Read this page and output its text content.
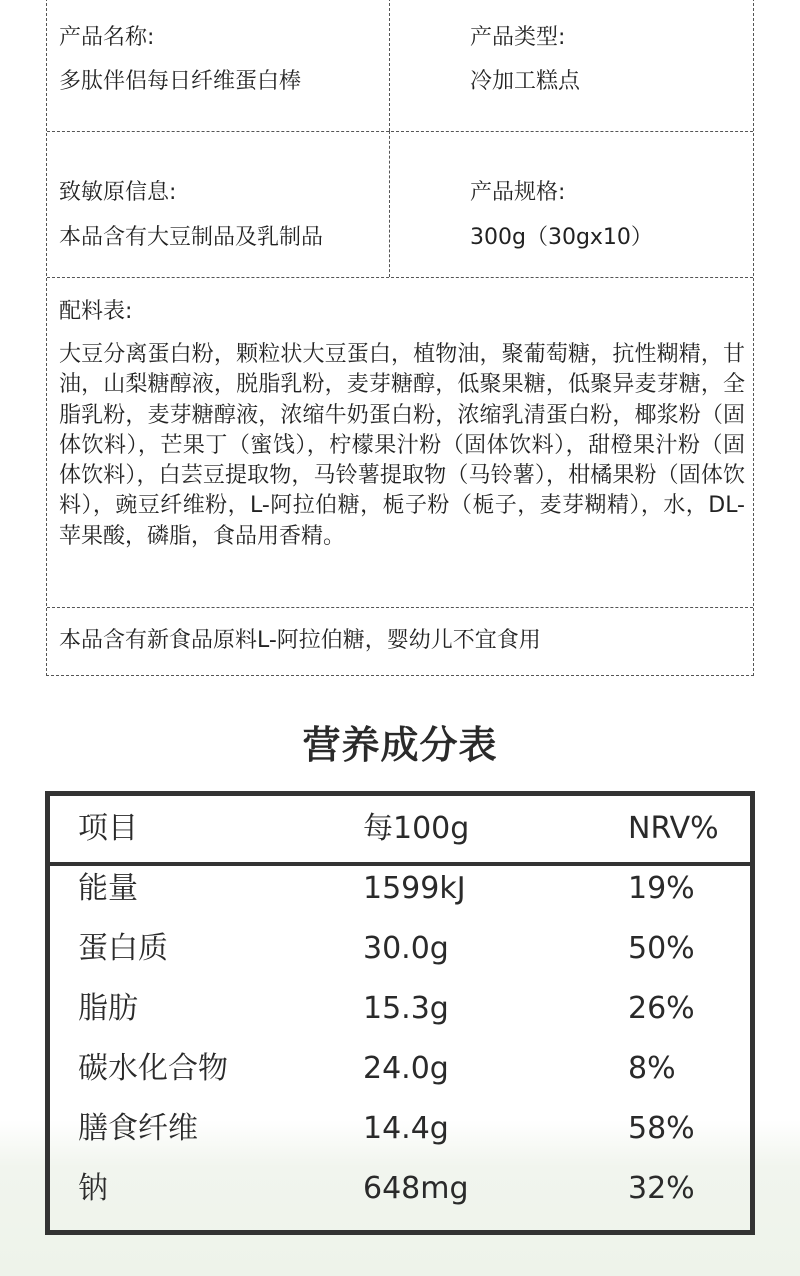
产品名称:
多肽伴侣每日纤维蛋白棒
产品类型:
冷加工糕点
致敏原信息:
本品含有大豆制品及乳制品
产品规格:
300g（30gx10）
配料表:
大豆分离蛋白粉，颗粒状大豆蛋白，植物油，聚葡萄糖，抗性糊精，甘油，山梨糖醇液，脱脂乳粉，麦芽糖醇，低聚果糖，低聚异麦芽糖，全脂乳粉，麦芽糖醇液，浓缩牛奶蛋白粉，浓缩乳清蛋白粉，椰浆粉（固体饮料），芒果丁（蜜饯），柠檬果汁粉（固体饮料），甜橙果汁粉（固体饮料），白芸豆提取物，马铃薯提取物（马铃薯），柑橘果粉（固体饮料），豌豆纤维粉，L-阿拉伯糖，栀子粉（栀子，麦芽糊精），水，DL-苹果酸，磷脂，食品用香精。
本品含有新食品原料L-阿拉伯糖，婴幼儿不宜食用
营养成分表
项目	每100g	NRV%
能量	1599kJ	19%
蛋白质	30.0g	50%
脂肪	15.3g	26%
碳水化合物	24.0g	8%
膳食纤维	14.4g	58%
钠	648mg	32%
